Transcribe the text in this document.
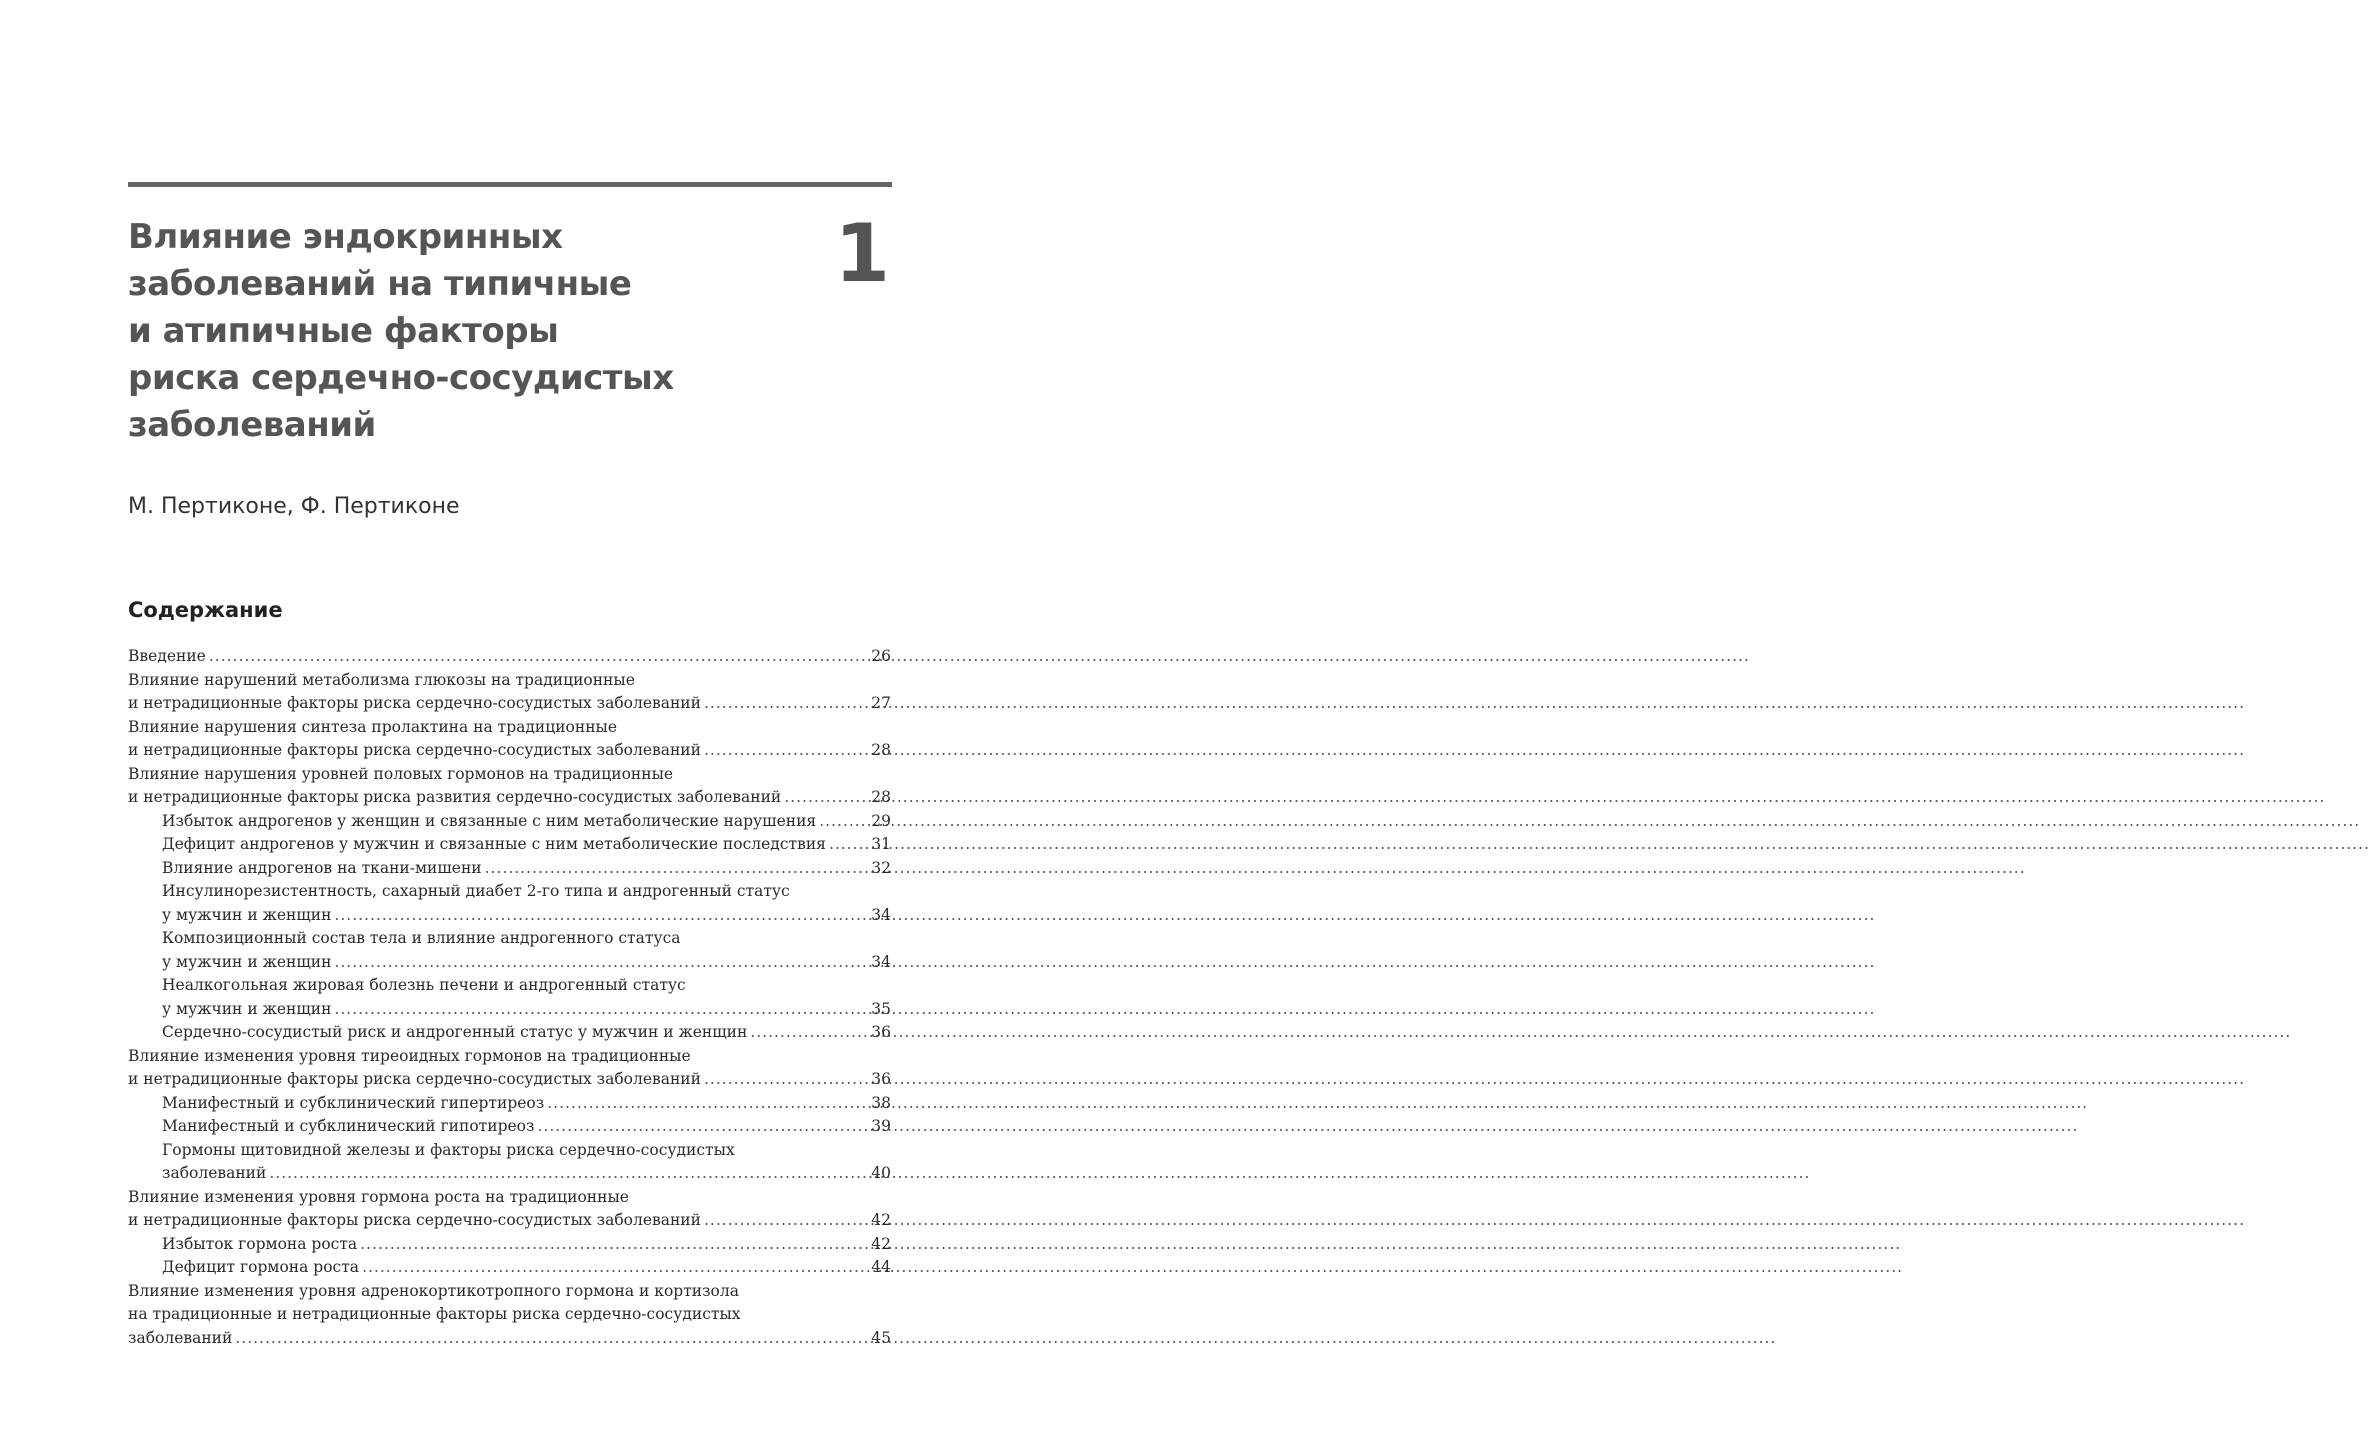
Влияние эндокринных
заболеваний на типичные
и атипичные факторы
риска сердечно-сосудистых
заболеваний
1

М. Пертиконе, Ф. Пертиконе

Содержание
Введение .....	26
Влияние нарушений метаболизма глюкозы на традиционные
и нетрадиционные факторы риска сердечно-сосудистых заболеваний .....	27
Влияние нарушения синтеза пролактина на традиционные
и нетрадиционные факторы риска сердечно-сосудистых заболеваний .....	28
Влияние нарушения уровней половых гормонов на традиционные
и нетрадиционные факторы риска развития сердечно-сосудистых заболеваний .....	28
Избыток андрогенов у женщин и связанные с ним метаболические нарушения .....	29
Дефицит андрогенов у мужчин и связанные с ним метаболические последствия .....	31
Влияние андрогенов на ткани-мишени .....	32
Инсулинорезистентность, сахарный диабет 2-го типа и андрогенный статус
у мужчин и женщин .....	34
Композиционный состав тела и влияние андрогенного статуса
у мужчин и женщин .....	34
Неалкогольная жировая болезнь печени и андрогенный статус
у мужчин и женщин .....	35
Сердечно-сосудистый риск и андрогенный статус у мужчин и женщин .....	36
Влияние изменения уровня тиреоидных гормонов на традиционные
и нетрадиционные факторы риска сердечно-сосудистых заболеваний .....	36
Манифестный и субклинический гипертиреоз .....	38
Манифестный и субклинический гипотиреоз .....	39
Гормоны щитовидной железы и факторы риска сердечно-сосудистых
заболеваний .....	40
Влияние изменения уровня гормона роста на традиционные
и нетрадиционные факторы риска сердечно-сосудистых заболеваний .....	42
Избыток гормона роста .....	42
Дефицит гормона роста .....	44
Влияние изменения уровня адренокортикотропного гормона и кортизола
на традиционные и нетрадиционные факторы риска сердечно-сосудистых
заболеваний .....	45
